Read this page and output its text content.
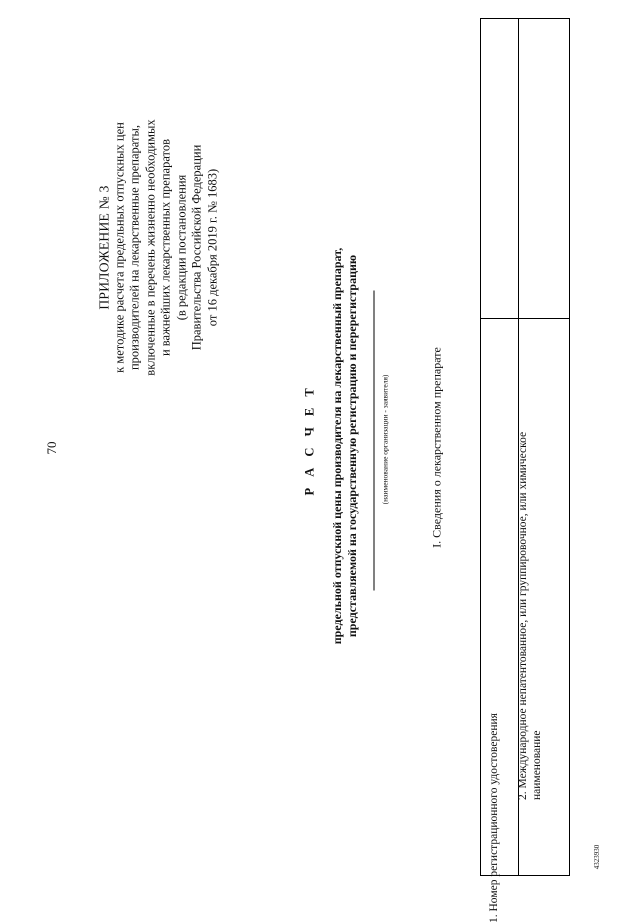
70
ПРИЛОЖЕНИЕ № 3 к методике расчета предельных отпускных цен производителей на лекарственные препараты, включенные в перечень жизненно необходимых и важнейших лекарственных препаратов (в редакции постановления Правительства Российской Федерации от 16 декабря 2019 г. № 1683)
Р А С Ч Е Т предельной отпускной цены производителя на лекарственный препарат, представляемой на государственную регистрацию и перерегистрацию	(наименование организации - заявителя)	I. Сведения о лекарственном препарате
1. Номер регистрационного удостоверения
2. Международное непатентованное, или группировочное, или химическое наименование
4323930
